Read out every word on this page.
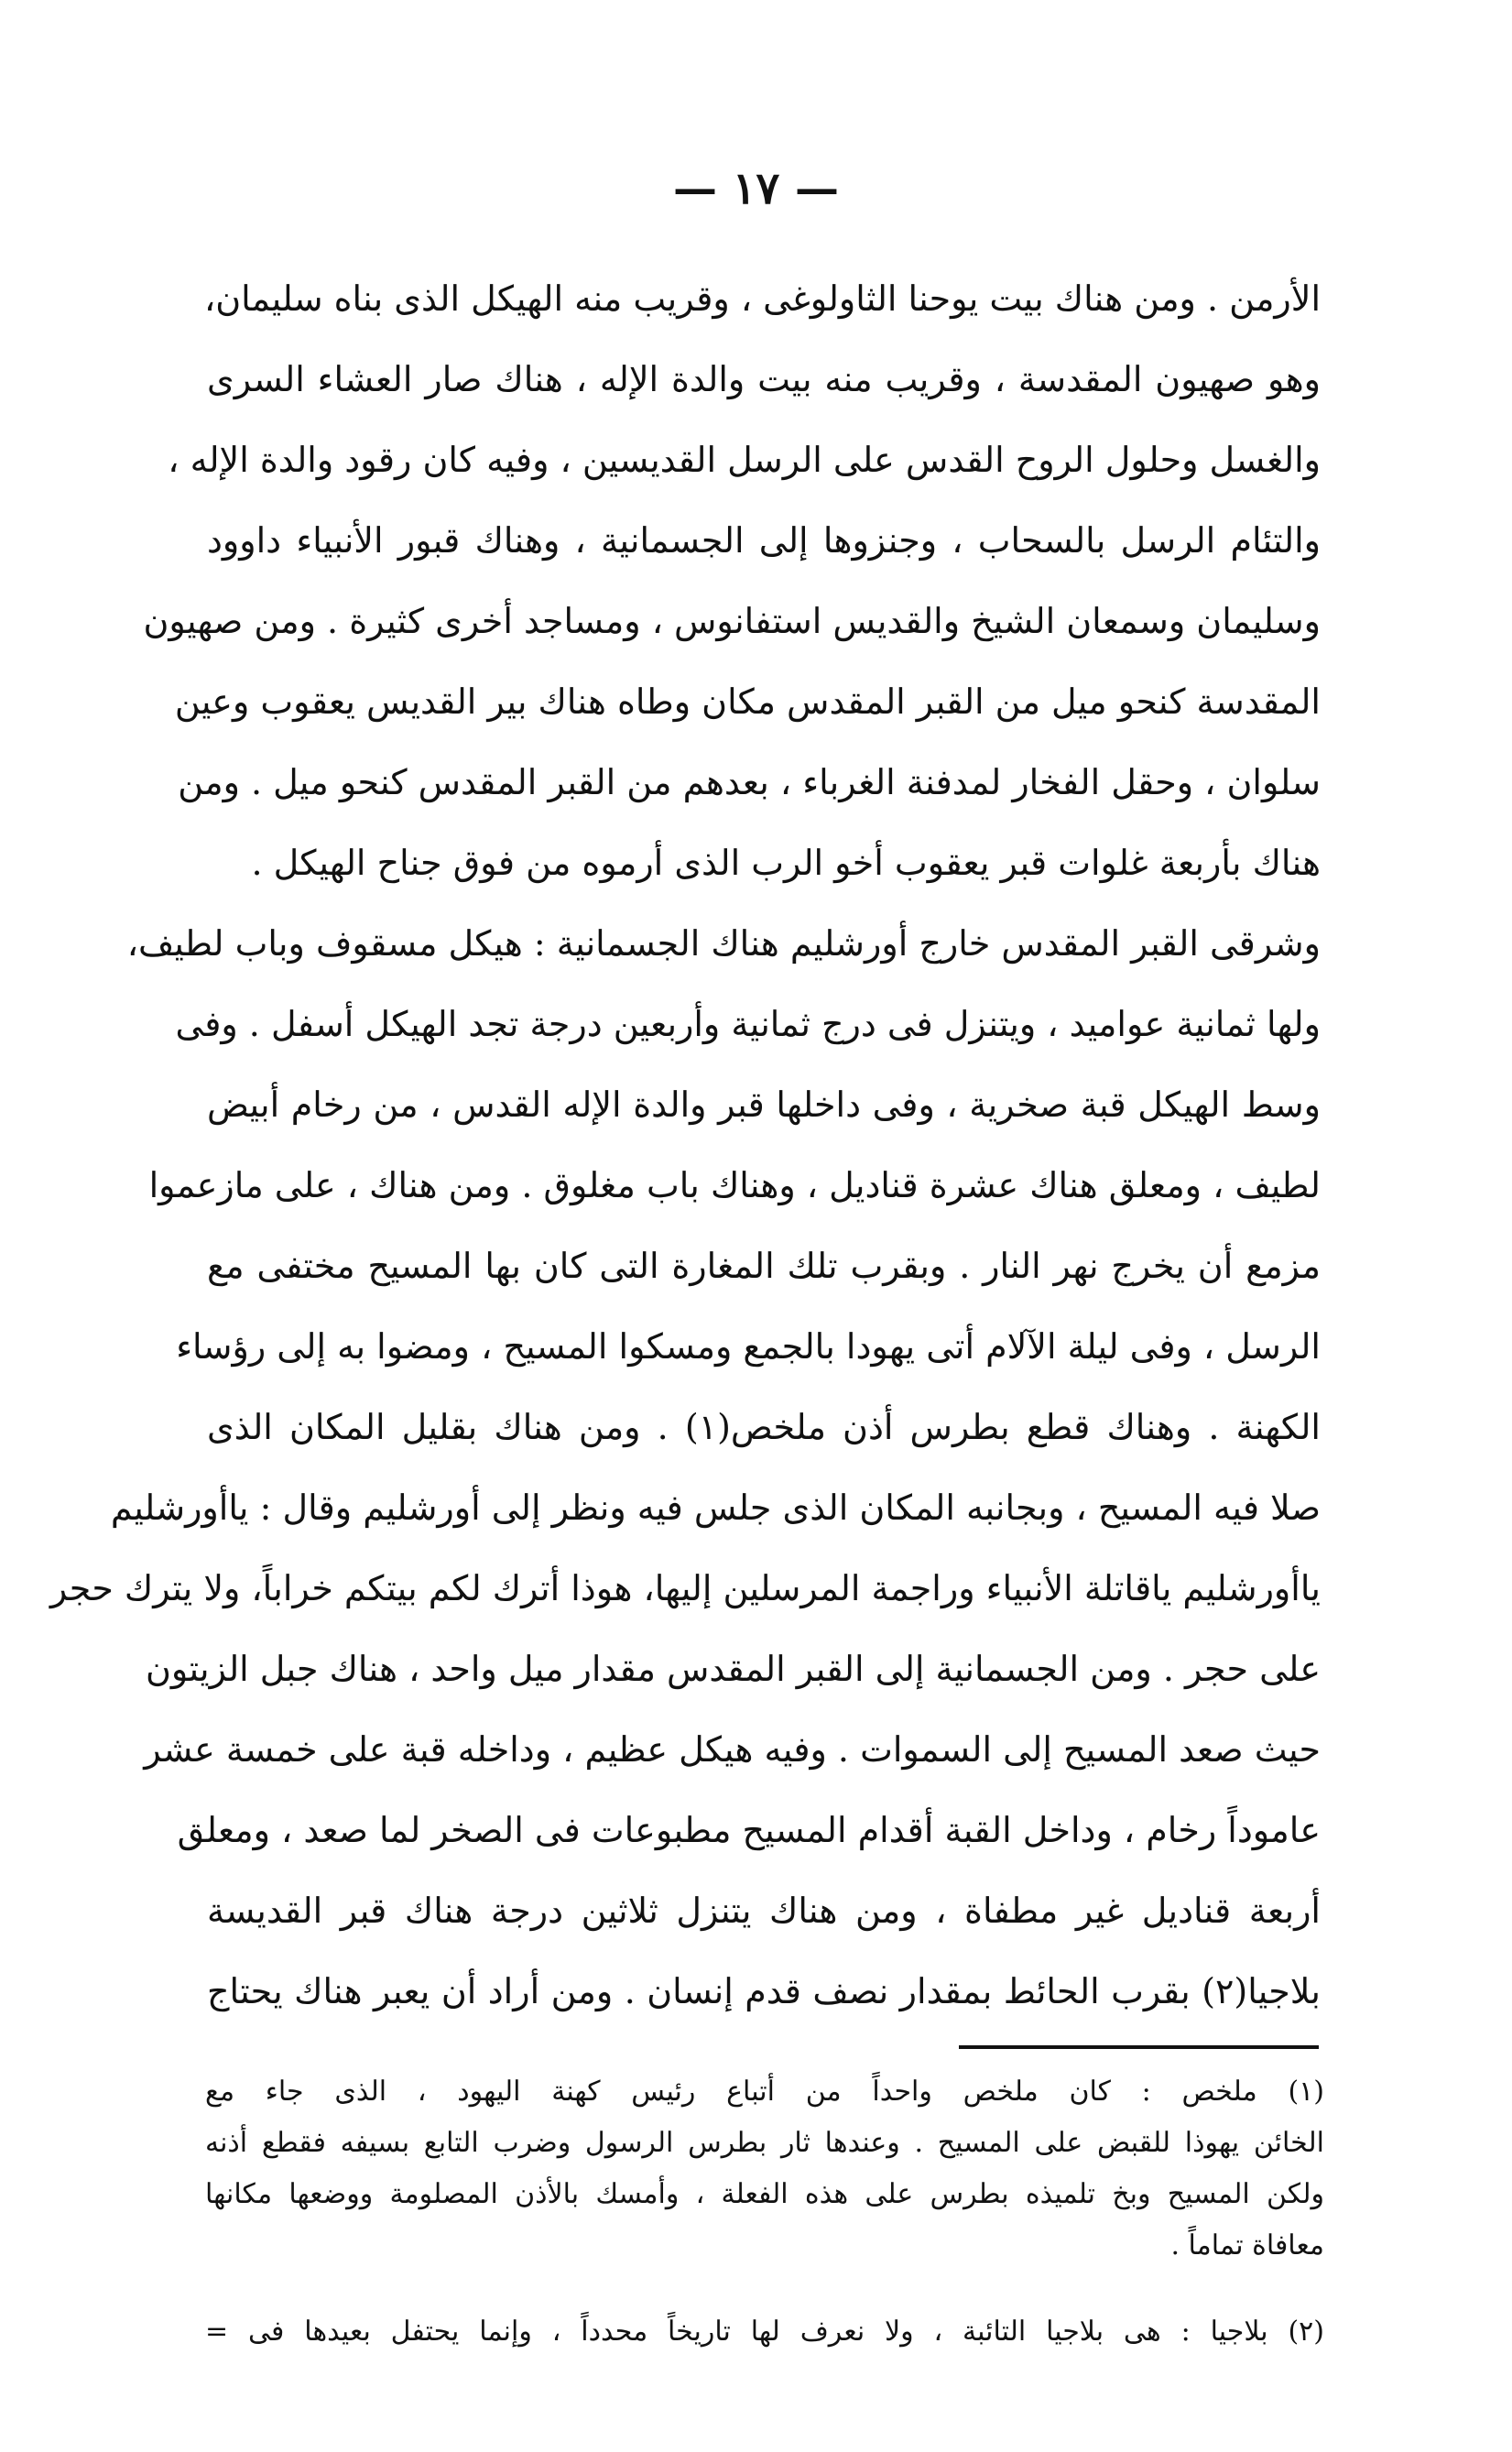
— ١٧ —
الأرمن . ومن هناك بيت يوحنا الثاولوغى ، وقريب منه الهيكل الذى بناه سليمان،
وهو صهيون المقدسة ، وقريب منه بيت والدة الإله ، هناك صار العشاء السرى
والغسل وحلول الروح القدس على الرسل القديسين ، وفيه كان رقود والدة الإله ،
والتئام الرسل بالسحاب ، وجنزوها إلى الجسمانية ، وهناك قبور الأنبياء داوود
وسليمان وسمعان الشيخ والقديس استفانوس ، ومساجد أخرى كثيرة . ومن صهيون
المقدسة كنحو ميل من القبر المقدس مكان وطاه هناك بير القديس يعقوب وعين
سلوان ، وحقل الفخار لمدفنة الغرباء ، بعدهم من القبر المقدس كنحو ميل . ومن
هناك بأربعة غلوات قبر يعقوب أخو الرب الذى أرموه من فوق جناح الهيكل .
وشرقى القبر المقدس خارج أورشليم هناك الجسمانية : هيكل مسقوف وباب لطيف،
ولها ثمانية عواميد ، ويتنزل فى درج ثمانية وأربعين درجة تجد الهيكل أسفل . وفى
وسط الهيكل قبة صخرية ، وفى داخلها قبر والدة الإله القدس ، من رخام أبيض
لطيف ، ومعلق هناك عشرة قناديل ، وهناك باب مغلوق . ومن هناك ، على مازعموا
مزمع أن يخرج نهر النار . وبقرب تلك المغارة التى كان بها المسيح مختفى مع
الرسل ، وفى ليلة الآلام أتى يهودا بالجمع ومسكوا المسيح ، ومضوا به إلى رؤساء
الكهنة . وهناك قطع بطرس أذن ملخص(١) . ومن هناك بقليل المكان الذى
صلا فيه المسيح ، وبجانبه المكان الذى جلس فيه ونظر إلى أورشليم وقال : ياأورشليم
ياأورشليم ياقاتلة الأنبياء وراجمة المرسلين إليها، هوذا أترك لكم بيتكم خراباً، ولا يترك حجر
على حجر . ومن الجسمانية إلى القبر المقدس مقدار ميل واحد ، هناك جبل الزيتون
حيث صعد المسيح إلى السموات . وفيه هيكل عظيم ، وداخله قبة على خمسة عشر
عاموداً رخام ، وداخل القبة أقدام المسيح مطبوعات فى الصخر لما صعد ، ومعلق
أربعة قناديل غير مطفاة ، ومن هناك يتنزل ثلاثين درجة هناك قبر القديسة
بلاجيا(٢) بقرب الحائط بمقدار نصف قدم إنسان . ومن أراد أن يعبر هناك يحتاج
(١) ملخص : كان ملخص واحداً من أتباع رئيس كهنة اليهود ، الذى جاء مع
الخائن يهوذا للقبض على المسيح . وعندها ثار بطرس الرسول وضرب التابع بسيفه فقطع أذنه
ولكن المسيح وبخ تلميذه بطرس على هذه الفعلة ، وأمسك بالأذن المصلومة ووضعها مكانها
معافاة تماماً .
(٢) بلاجيا : هى بلاجيا التائبة ، ولا نعرف لها تاريخاً محدداً ، وإنما يحتفل بعيدها فى =
